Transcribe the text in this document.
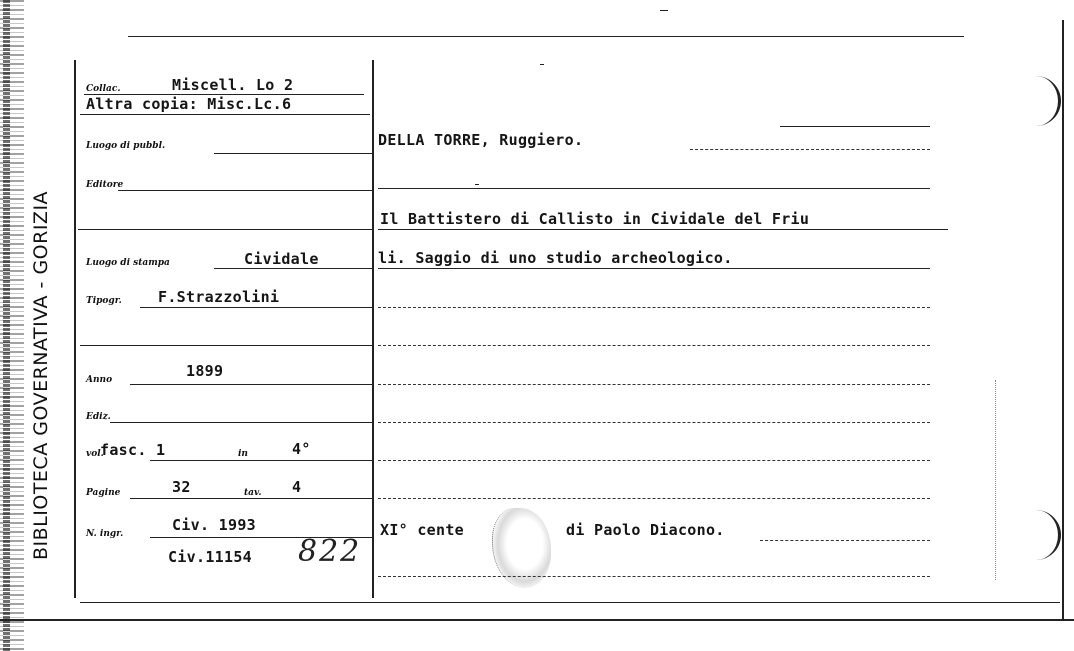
BIBLIOTECA GOVERNATIVA - GORIZIA
Collac.	Miscell. Lo 2
Altra copia: Misc.Lc.6
Luogo di pubbl.
Editore
Luogo di stampa	Cividale
Tipogr. F.Strazzolini
Anno	1899
Ediz.
vol.
fasc. 1	in	4°
Pagine	32	tav. 4
N. ingr.	Civ. 1993
Civ.11154 822
DELLA TORRE, Ruggiero.
Il Battistero di Callisto in Cividale del Friu
li. Saggio di uno studio archeologico.
XI° cente	di Paolo Diacono.
